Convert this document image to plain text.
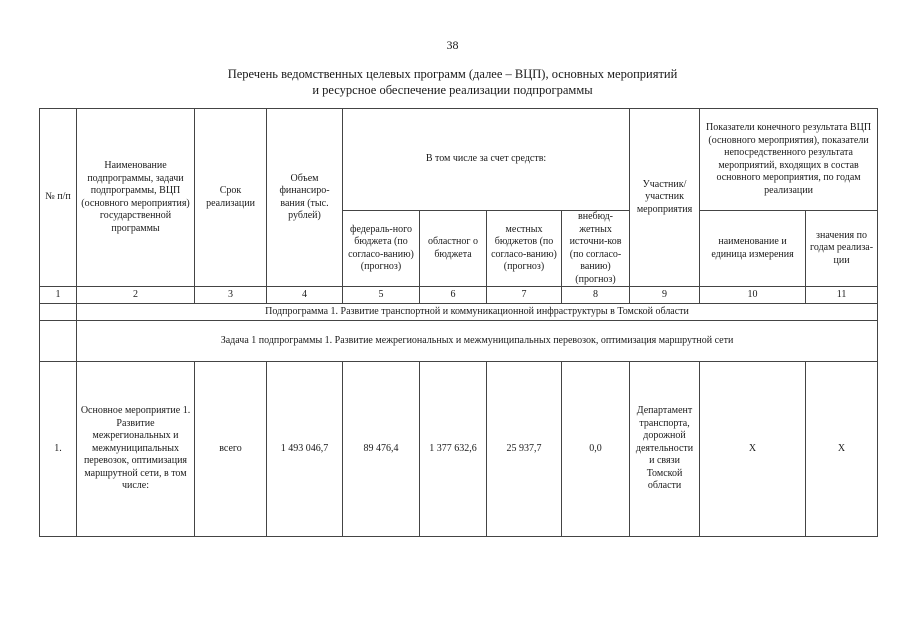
38
Перечень ведомственных целевых программ (далее – ВЦП), основных мероприятий
и ресурсное обеспечение реализации подпрограммы
№ п/п	Наименование подпрограммы, задачи подпрограммы, ВЦП (основного мероприятия) государственной программы	Срок реализации	Объем финансиро-вания (тыс. рублей)	В том числе за счет средств:				Участник/ участник мероприятия	Показатели конечного результата ВЦП (основного мероприятия), показатели непосредственного результата мероприятий, входящих в состав основного мероприятия, по годам реализации	
				федераль-ного бюджета (по согласо-ванию) (прогноз)	областног о бюджета	местных бюджетов (по согласо-ванию) (прогноз)	внебюд-жетных источни-ков (по согласо-ванию) (прогноз)		наименование и единица измерения	значения по годам реализа-ции
1	2	3	4	5	6	7	8	9	10	11
	Подпрограмма 1. Развитие транспортной и коммуникационной инфраструктуры в Томской области									
	Задача 1 подпрограммы 1. Развитие межрегиональных и межмуниципальных перевозок, оптимизация маршрутной сети									
1.	Основное мероприятие 1. Развитие межрегиональных и межмуниципальных перевозок, оптимизация маршрутной сети, в том числе:	всего	1 493 046,7	89 476,4	1 377 632,6	25 937,7	0,0	Департамент транспорта, дорожной деятельности и связи Томской области	Х	Х
